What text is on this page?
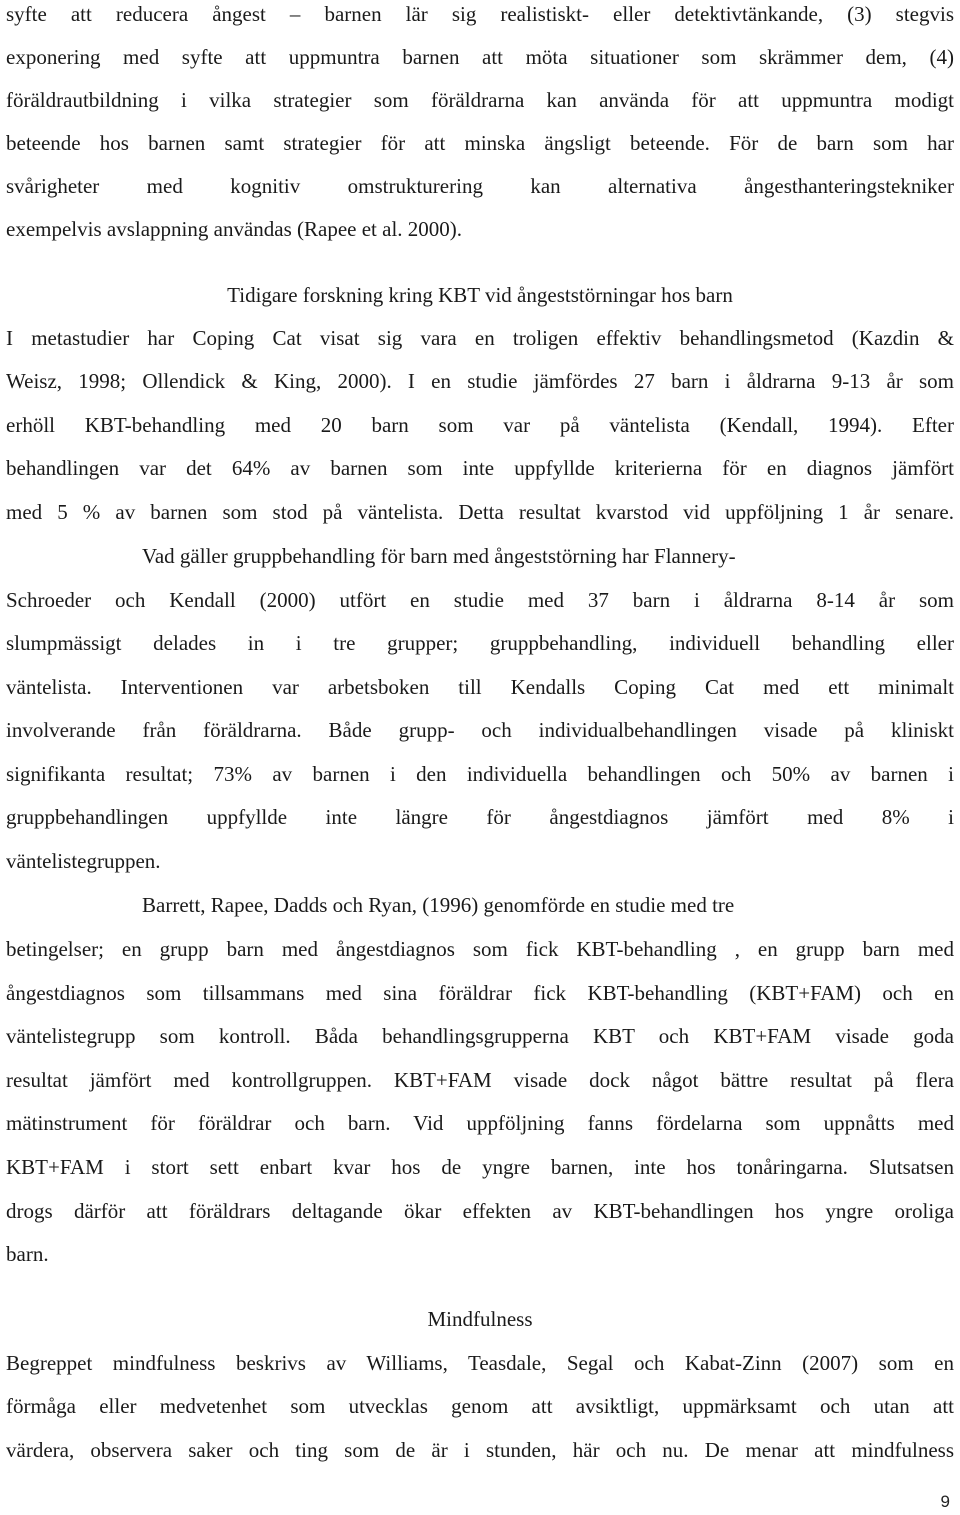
syfte att reducera ångest – barnen lär sig realistiskt- eller detektivtänkande, (3) stegvis
exponering med syfte att uppmuntra barnen att möta situationer som skrämmer dem, (4)
föräldrautbildning i vilka strategier som föräldrarna kan använda för att uppmuntra modigt
beteende hos barnen samt strategier för att minska ängsligt beteende. För de barn som har
svårigheter med kognitiv omstrukturering kan alternativa ångesthanteringstekniker
exempelvis avslappning användas (Rapee et al. 2000).
Tidigare forskning kring KBT vid ångeststörningar hos barn
I metastudier har Coping Cat visat sig vara en troligen effektiv behandlingsmetod (Kazdin &
Weisz, 1998; Ollendick & King, 2000). I en studie jämfördes 27 barn i åldrarna 9-13 år som
erhöll KBT-behandling med 20 barn som var på väntelista (Kendall, 1994). Efter
behandlingen var det 64% av barnen som inte uppfyllde kriterierna för en diagnos jämfört
med 5 % av barnen som stod på väntelista. Detta resultat kvarstod vid uppföljning 1 år senare.
Vad gäller gruppbehandling för barn med ångeststörning har Flannery-
Schroeder och Kendall (2000) utfört en studie med 37 barn i åldrarna 8-14 år som
slumpmässigt delades in i tre grupper; gruppbehandling, individuell behandling eller
väntelista. Interventionen var arbetsboken till Kendalls Coping Cat med ett minimalt
involverande från föräldrarna. Både grupp- och individualbehandlingen visade på kliniskt
signifikanta resultat; 73% av barnen i den individuella behandlingen och 50% av barnen i
gruppbehandlingen uppfyllde inte längre för ångestdiagnos jämfört med 8% i
väntelistegruppen.
Barrett, Rapee, Dadds och Ryan, (1996) genomförde en studie med tre
betingelser; en grupp barn med ångestdiagnos som fick KBT-behandling , en grupp barn med
ångestdiagnos som tillsammans med sina föräldrar fick KBT-behandling (KBT+FAM) och en
väntelistegrupp som kontroll. Båda behandlingsgrupperna KBT och KBT+FAM visade goda
resultat jämfört med kontrollgruppen. KBT+FAM visade dock något bättre resultat på flera
mätinstrument för föräldrar och barn. Vid uppföljning fanns fördelarna som uppnåtts med
KBT+FAM i stort sett enbart kvar hos de yngre barnen, inte hos tonåringarna. Slutsatsen
drogs därför att föräldrars deltagande ökar effekten av KBT-behandlingen hos yngre oroliga
barn.
Mindfulness
Begreppet mindfulness beskrivs av Williams, Teasdale, Segal och Kabat-Zinn (2007) som en
förmåga eller medvetenhet som utvecklas genom att avsiktligt, uppmärksamt och utan att
värdera, observera saker och ting som de är i stunden, här och nu. De menar att mindfulness
9
